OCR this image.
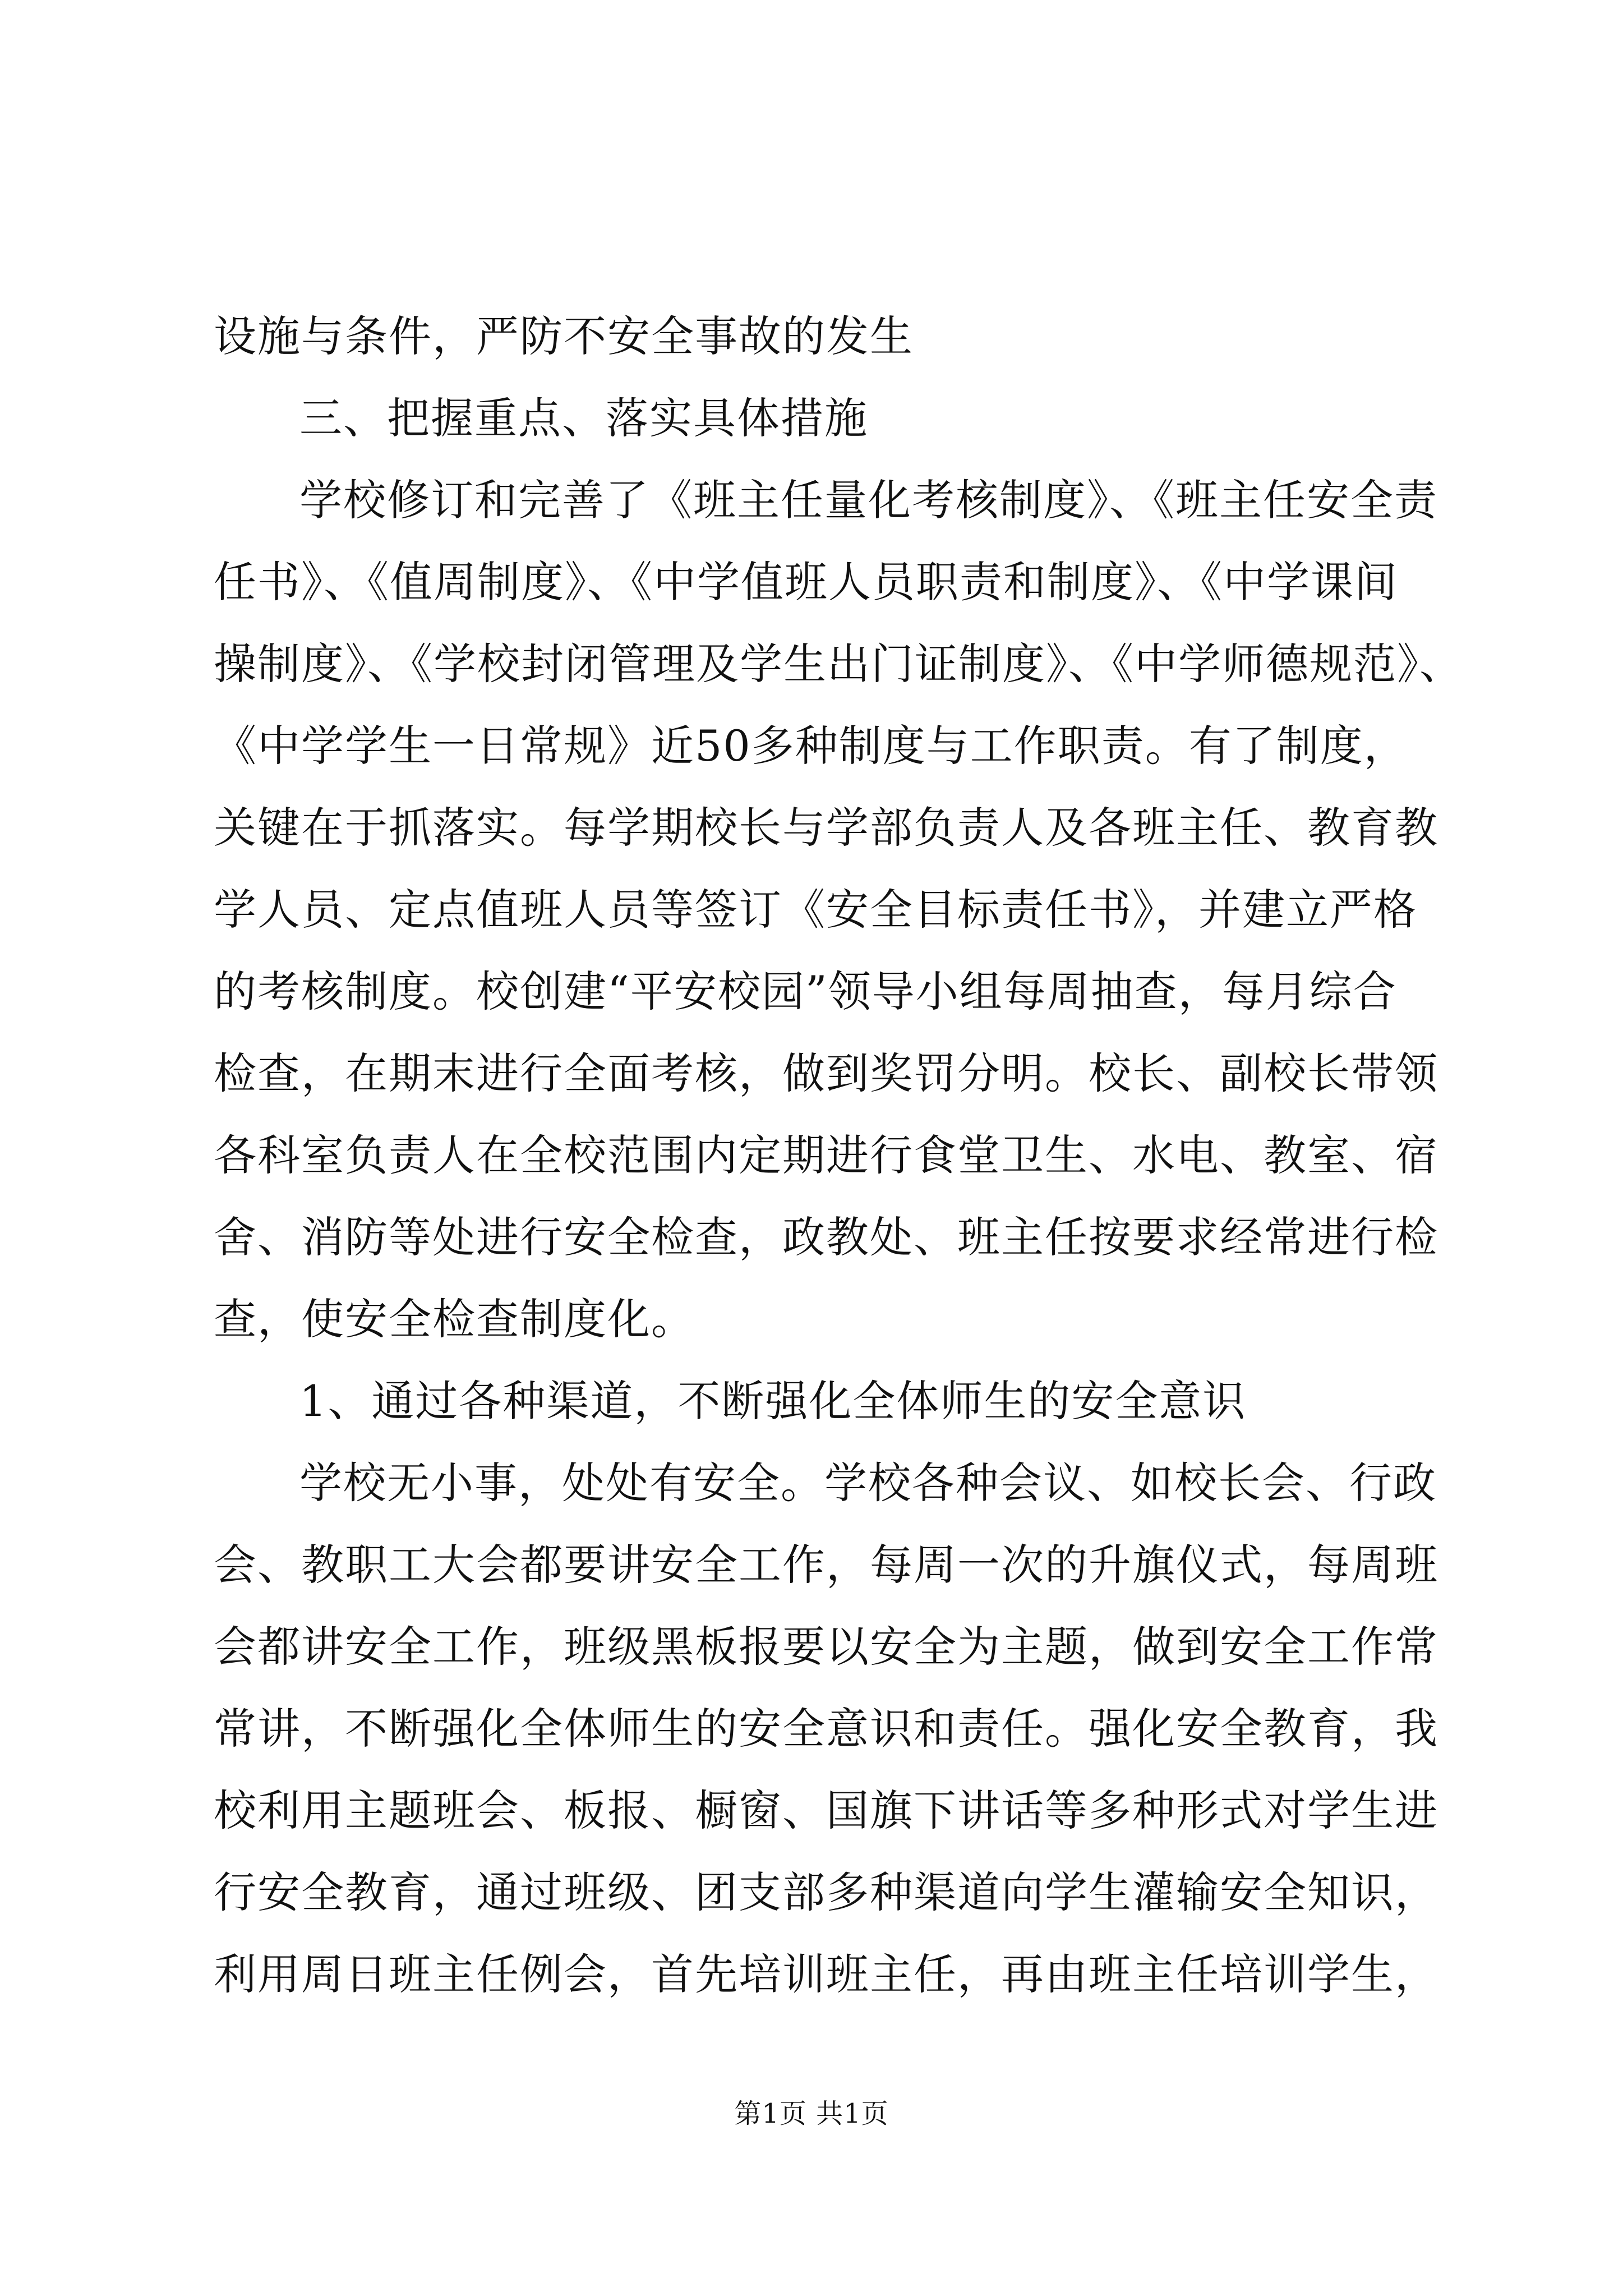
设施与条件，严防不安全事故的发生
三、把握重点、落实具体措施
学校修订和完善了《班主任量化考核制度》、《班主任安全责
任书》、《值周制度》、《中学值班人员职责和制度》、《中学课间
操制度》、《学校封闭管理及学生出门证制度》、《中学师德规范》、
《中学学生一日常规》近50多种制度与工作职责。有了制度，
关键在于抓落实。每学期校长与学部负责人及各班主任、教育教
学人员、定点值班人员等签订《安全目标责任书》，并建立严格
的考核制度。校创建“平安校园”领导小组每周抽查，每月综合
检查，在期末进行全面考核，做到奖罚分明。校长、副校长带领
各科室负责人在全校范围内定期进行食堂卫生、水电、教室、宿
舍、消防等处进行安全检查，政教处、班主任按要求经常进行检
查，使安全检查制度化。
1、通过各种渠道，不断强化全体师生的安全意识
学校无小事，处处有安全。学校各种会议、如校长会、行政
会、教职工大会都要讲安全工作，每周一次的升旗仪式，每周班
会都讲安全工作，班级黑板报要以安全为主题，做到安全工作常
常讲，不断强化全体师生的安全意识和责任。强化安全教育，我
校利用主题班会、板报、橱窗、国旗下讲话等多种形式对学生进
行安全教育，通过班级、团支部多种渠道向学生灌输安全知识，
利用周日班主任例会，首先培训班主任，再由班主任培训学生，
第1页 共1页
